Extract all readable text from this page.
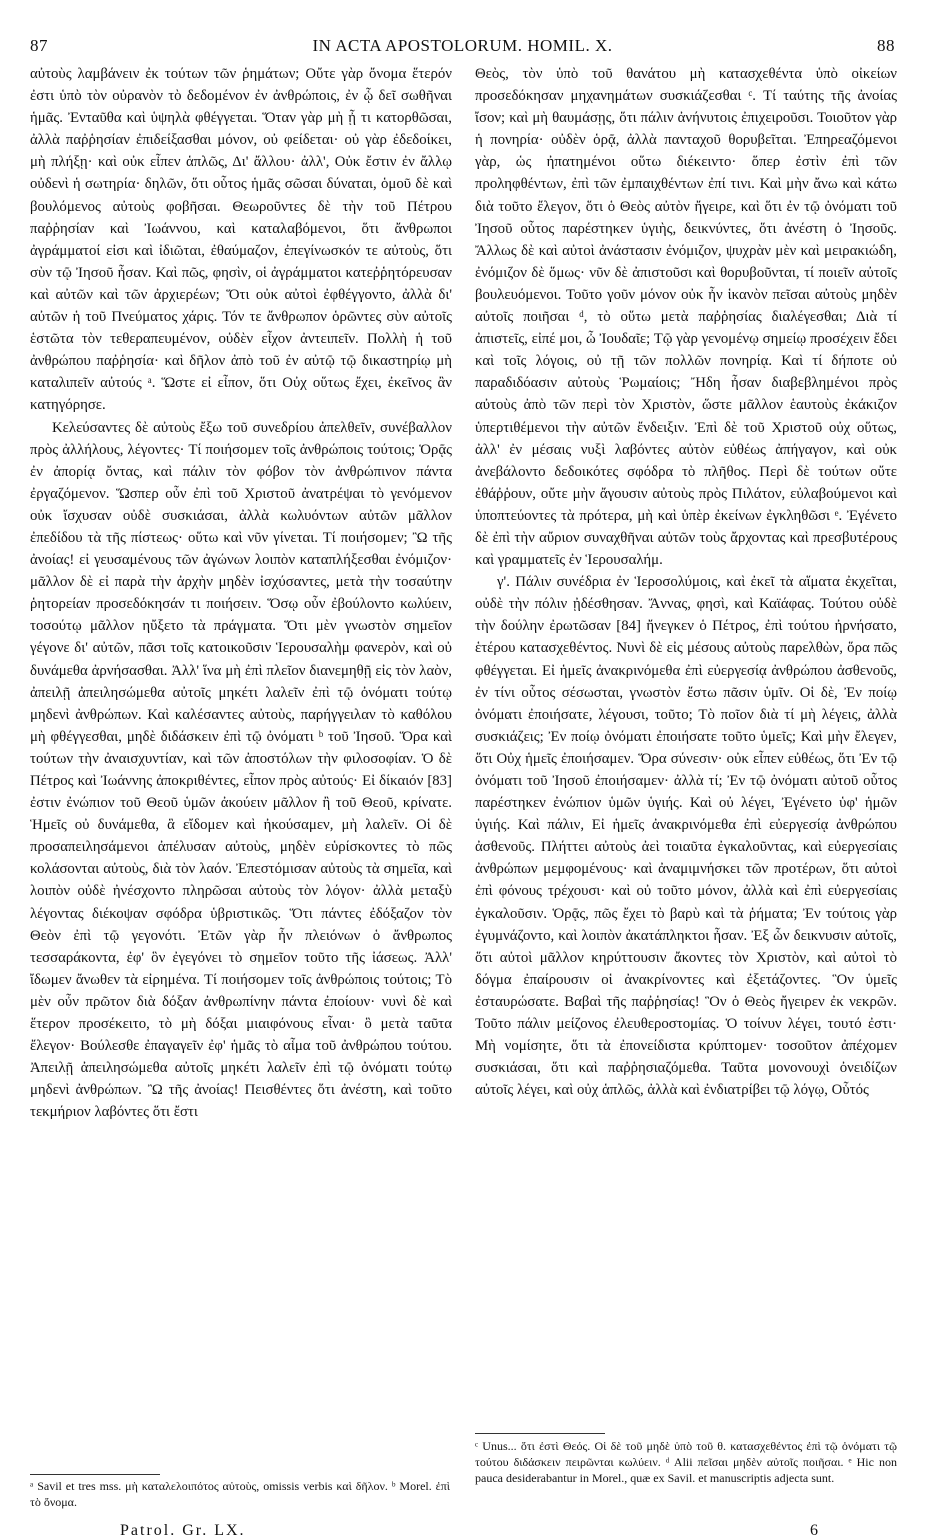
87	IN ACTA APOSTOLORUM. HOMIL. X.	88

αὐτοὺς λαμβάνειν ἐκ τούτων τῶν ῥημάτων; Οὔτε γὰρ ὄνομα ἕτερόν ἐστι ὑπὸ τὸν οὐρανὸν τὸ δεδομένον ἐν ἀνθρώποις, ἐν ᾧ δεῖ σωθῆναι ἡμᾶς. Ἐνταῦθα καὶ ὑψηλὰ φθέγγεται. Ὅταν γὰρ μὴ ᾖ τι κατορθῶσαι, ἀλλὰ παῤῥησίαν ἐπιδείξασθαι μόνον, οὐ φείδεται· οὐ γὰρ ἐδεδοίκει, μὴ πλήξῃ· καὶ οὐκ εἶπεν ἁπλῶς, Δι' ἄλλου· ἀλλ', Οὐκ ἔστιν ἐν ἄλλῳ οὐδενὶ ἡ σωτηρία· δηλῶν, ὅτι οὗτος ἡμᾶς σῶσαι δύναται, ὁμοῦ δὲ καὶ βουλόμενος αὐτοὺς φοβῆσαι. Θεωροῦντες δὲ τὴν τοῦ Πέτρου παῤῥησίαν καὶ Ἰωάννου, καὶ καταλαβόμενοι, ὅτι ἄνθρωποι ἀγράμματοί εἰσι καὶ ἰδιῶται, ἐθαύμαζον, ἐπεγίνωσκόν τε αὐτοὺς, ὅτι σὺν τῷ Ἰησοῦ ἦσαν. Καὶ πῶς, φησὶν, οἱ ἀγράμματοι κατεῤῥητόρευσαν καὶ αὐτῶν καὶ τῶν ἀρχιερέων; Ὅτι οὐκ αὐτοὶ ἐφθέγγοντο, ἀλλὰ δι' αὐτῶν ἡ τοῦ Πνεύματος χάρις. Τόν τε ἄνθρωπον ὁρῶντες σὺν αὐτοῖς ἑστῶτα τὸν τεθεραπευμένον, οὐδὲν εἶχον ἀντειπεῖν. Πολλὴ ἡ τοῦ ἀνθρώπου παῤῥησία· καὶ δῆλον ἀπὸ τοῦ ἐν αὐτῷ τῷ δικαστηρίῳ μὴ καταλιπεῖν αὐτούς ᵃ. Ὥστε εἰ εἶπον, ὅτι Οὐχ οὕτως ἔχει, ἐκεῖνος ἂν κατηγόρησε.

Κελεύσαντες δὲ αὐτοὺς ἔξω τοῦ συνεδρίου ἀπελθεῖν, συνέβαλλον πρὸς ἀλλήλους, λέγοντες· Τί ποιήσομεν τοῖς ἀνθρώποις τούτοις; Ὁρᾷς ἐν ἀπορίᾳ ὄντας, καὶ πάλιν τὸν φόβον τὸν ἀνθρώπινον πάντα ἐργαζόμενον. Ὥσπερ οὖν ἐπὶ τοῦ Χριστοῦ ἀνατρέψαι τὸ γενόμενον οὐκ ἴσχυσαν οὐδὲ συσκιάσαι, ἀλλὰ κωλυόντων αὐτῶν μᾶλλον ἐπεδίδου τὰ τῆς πίστεως· οὕτω καὶ νῦν γίνεται. Τί ποιήσομεν; Ὢ τῆς ἀνοίας! εἰ γευσαμένους τῶν ἀγώνων λοιπὸν καταπλήξεσθαι ἐνόμιζον· μᾶλλον δὲ εἰ παρὰ τὴν ἀρχὴν μηδὲν ἰσχύσαντες, μετὰ τὴν τοσαύτην ῥητορείαν προσεδόκησάν τι ποιήσειν. Ὅσῳ οὖν ἐβούλοντο κωλύειν, τοσούτῳ μᾶλλον ηὔξετο τὰ πράγματα. Ὅτι μὲν γνωστὸν σημεῖον γέγονε δι' αὐτῶν, πᾶσι τοῖς κατοικοῦσιν Ἱερουσαλὴμ φανερὸν, καὶ οὐ δυνάμεθα ἀρνήσασθαι. Ἀλλ' ἵνα μὴ ἐπὶ πλεῖον διανεμηθῇ εἰς τὸν λαὸν, ἀπειλῇ ἀπειλησώμεθα αὐτοῖς μηκέτι λαλεῖν ἐπὶ τῷ ὀνόματι τούτῳ μηδενὶ ἀνθρώπων. Καὶ καλέσαντες αὐτοὺς, παρήγγειλαν τὸ καθόλου μὴ φθέγγεσθαι, μηδὲ διδάσκειν ἐπὶ τῷ ὀνόματι ᵇ τοῦ Ἰησοῦ. Ὅρα καὶ τούτων τὴν ἀναισχυντίαν, καὶ τῶν ἀποστόλων τὴν φιλοσοφίαν. Ὁ δὲ Πέτρος καὶ Ἰωάννης ἀποκριθέντες, εἶπον πρὸς αὐτούς· Εἰ δίκαιόν [83] ἐστιν ἐνώπιον τοῦ Θεοῦ ὑμῶν ἀκούειν μᾶλλον ἢ τοῦ Θεοῦ, κρίνατε. Ἡμεῖς οὐ δυνάμεθα, ἃ εἴδομεν καὶ ἠκούσαμεν, μὴ λαλεῖν. Οἱ δὲ προσαπειλησάμενοι ἀπέλυσαν αὐτοὺς, μηδὲν εὑρίσκοντες τὸ πῶς κολάσονται αὐτοὺς, διὰ τὸν λαόν. Ἐπεστόμισαν αὐτοὺς τὰ σημεῖα, καὶ λοιπὸν οὐδὲ ἠνέσχοντο πληρῶσαι αὐτοὺς τὸν λόγον· ἀλλὰ μεταξὺ λέγοντας διέκοψαν σφόδρα ὑβριστικῶς. Ὅτι πάντες ἐδόξαζον τὸν Θεὸν ἐπὶ τῷ γεγονότι. Ἐτῶν γὰρ ἦν πλειόνων ὁ ἄνθρωπος τεσσαράκοντα, ἐφ' ὃν ἐγεγόνει τὸ σημεῖον τοῦτο τῆς ἰάσεως. Ἀλλ' ἴδωμεν ἄνωθεν τὰ εἰρημένα. Τί ποιήσομεν τοῖς ἀνθρώποις τούτοις; Τὸ μὲν οὖν πρῶτον διὰ δόξαν ἀνθρωπίνην πάντα ἐποίουν· νυνὶ δὲ καὶ ἕτερον προσέκειτο, τὸ μὴ δόξαι μιαιφόνους εἶναι· ὃ μετὰ ταῦτα ἔλεγον· Βούλεσθε ἐπαγαγεῖν ἐφ' ἡμᾶς τὸ αἷμα τοῦ ἀνθρώπου τούτου. Ἀπειλῇ ἀπειλησώμεθα αὐτοῖς μηκέτι λαλεῖν ἐπὶ τῷ ὀνόματι τούτῳ μηδενὶ ἀνθρώπων. Ὢ τῆς ἀνοίας! Πεισθέντες ὅτι ἀνέστη, καὶ τοῦτο τεκμήριον λαβόντες ὅτι ἔστι

Θεὸς, τὸν ὑπὸ τοῦ θανάτου μὴ κατασχεθέντα ὑπὸ οἰκείων προσεδόκησαν μηχανημάτων συσκιάζεσθαι ᶜ. Τί ταύτης τῆς ἀνοίας ἴσον; καὶ μὴ θαυμάσῃς, ὅτι πάλιν ἀνήνυτοις ἐπιχειροῦσι. Τοιοῦτον γὰρ ἡ πονηρία· οὐδὲν ὁρᾷ, ἀλλὰ πανταχοῦ θορυβεῖται. Ἐπηρεαζόμενοι γὰρ, ὡς ἠπατημένοι οὕτω διέκειντο· ὅπερ ἐστὶν ἐπὶ τῶν προληφθέντων, ἐπὶ τῶν ἐμπαιχθέντων ἐπί τινι. Καὶ μὴν ἄνω καὶ κάτω διὰ τοῦτο ἔλεγον, ὅτι ὁ Θεὸς αὐτὸν ἤγειρε, καὶ ὅτι ἐν τῷ ὀνόματι τοῦ Ἰησοῦ οὗτος παρέστηκεν ὑγιὴς, δεικνύντες, ὅτι ἀνέστη ὁ Ἰησοῦς. Ἄλλως δὲ καὶ αὐτοὶ ἀνάστασιν ἐνόμιζον, ψυχρὰν μὲν καὶ μειρακιώδη, ἐνόμιζον δὲ ὅμως· νῦν δὲ ἀπιστοῦσι καὶ θορυβοῦνται, τί ποιεῖν αὐτοῖς βουλευόμενοι. Τοῦτο γοῦν μόνον οὐκ ἦν ἱκανὸν πεῖσαι αὐτοὺς μηδὲν αὐτοῖς ποιῆσαι ᵈ, τὸ οὕτω μετὰ παῤῥησίας διαλέγεσθαι; Διὰ τί ἀπιστεῖς, εἰπέ μοι, ὦ Ἰουδαῖε; Τῷ γὰρ γενομένῳ σημείῳ προσέχειν ἔδει καὶ τοῖς λόγοις, οὐ τῇ τῶν πολλῶν πονηρίᾳ. Καὶ τί δήποτε οὐ παραδιδόασιν αὐτοὺς Ῥωμαίοις; Ἤδη ἦσαν διαβεβλημένοι πρὸς αὐτοὺς ἀπὸ τῶν περὶ τὸν Χριστὸν, ὥστε μᾶλλον ἑαυτοὺς ἐκάκιζον ὑπερτιθέμενοι τὴν αὐτῶν ἔνδειξιν. Ἐπὶ δὲ τοῦ Χριστοῦ οὐχ οὕτως, ἀλλ' ἐν μέσαις νυξὶ λαβόντες αὐτὸν εὐθέως ἀπήγαγον, καὶ οὐκ ἀνεβάλοντο δεδοικότες σφόδρα τὸ πλῆθος. Περὶ δὲ τούτων οὔτε ἐθάῤῥουν, οὔτε μὴν ἄγουσιν αὐτοὺς πρὸς Πιλάτον, εὐλαβούμενοι καὶ ὑποπτεύοντες τὰ πρότερα, μὴ καὶ ὑπὲρ ἐκείνων ἐγκληθῶσι ᵉ. Ἐγένετο δὲ ἐπὶ τὴν αὔριον συναχθῆναι αὐτῶν τοὺς ἄρχοντας καὶ πρεσβυτέρους καὶ γραμματεῖς ἐν Ἱερουσαλήμ.

γ'. Πάλιν συνέδρια ἐν Ἱεροσολύμοις, καὶ ἐκεῖ τὰ αἵματα ἐκχεῖται, οὐδὲ τὴν πόλιν ᾐδέσθησαν. Ἄννας, φησὶ, καὶ Καϊάφας. Τούτου οὐδὲ τὴν δούλην ἐρωτῶσαν [84] ἤνεγκεν ὁ Πέτρος, ἐπὶ τούτου ἠρνήσατο, ἑτέρου κατασχεθέντος. Νυνὶ δὲ εἰς μέσους αὐτοὺς παρελθὼν, ὅρα πῶς φθέγγεται. Εἰ ἡμεῖς ἀνακρινόμεθα ἐπὶ εὐεργεσίᾳ ἀνθρώπου ἀσθενοῦς, ἐν τίνι οὗτος σέσωσται, γνωστὸν ἔστω πᾶσιν ὑμῖν. Οἱ δὲ, Ἐν ποίῳ ὀνόματι ἐποιήσατε, λέγουσι, τοῦτο; Τὸ ποῖον διὰ τί μὴ λέγεις, ἀλλὰ συσκιάζεις; Ἐν ποίῳ ὀνόματι ἐποιήσατε τοῦτο ὑμεῖς; Καὶ μὴν ἔλεγεν, ὅτι Οὐχ ἡμεῖς ἐποιήσαμεν. Ὅρα σύνεσιν· οὐκ εἶπεν εὐθέως, ὅτι Ἐν τῷ ὀνόματι τοῦ Ἰησοῦ ἐποιήσαμεν· ἀλλὰ τί; Ἐν τῷ ὀνόματι αὐτοῦ οὗτος παρέστηκεν ἐνώπιον ὑμῶν ὑγιής. Καὶ οὐ λέγει, Ἐγένετο ὑφ' ἡμῶν ὑγιής. Καὶ πάλιν, Εἰ ἡμεῖς ἀνακρινόμεθα ἐπὶ εὐεργεσίᾳ ἀνθρώπου ἀσθενοῦς. Πλήττει αὐτοὺς ἀεὶ τοιαῦτα ἐγκαλοῦντας, καὶ εὐεργεσίαις ἀνθρώπων μεμφομένους· καὶ ἀναμιμνήσκει τῶν προτέρων, ὅτι αὐτοὶ ἐπὶ φόνους τρέχουσι· καὶ οὐ τοῦτο μόνον, ἀλλὰ καὶ ἐπὶ εὐεργεσίαις ἐγκαλοῦσιν. Ὁρᾷς, πῶς ἔχει τὸ βαρὺ καὶ τὰ ῥήματα; Ἐν τούτοις γὰρ ἐγυμνάζοντο, καὶ λοιπὸν ἀκατάπληκτοι ἦσαν. Ἐξ ὧν δεικνυσιν αὐτοῖς, ὅτι αὐτοὶ μᾶλλον κηρύττουσιν ἄκοντες τὸν Χριστὸν, καὶ αὐτοὶ τὸ δόγμα ἐπαίρουσιν οἱ ἀνακρίνοντες καὶ ἐξετάζοντες. Ὃν ὑμεῖς ἐσταυρώσατε. Βαβαὶ τῆς παῤῥησίας! Ὃν ὁ Θεὸς ἤγειρεν ἐκ νεκρῶν. Τοῦτο πάλιν μείζονος ἐλευθεροστομίας. Ὁ τοίνυν λέγει, τουτό ἐστι· Μὴ νομίσητε, ὅτι τὰ ἐπονείδιστα κρύπτομεν· τοσοῦτον ἀπέχομεν συσκιάσαι, ὅτι καὶ παῤῥησιαζόμεθα. Ταῦτα μονονουχὶ ὀνειδίζων αὐτοῖς λέγει, καὶ οὐχ ἁπλῶς, ἀλλὰ καὶ ἐνδιατρίβει τῷ λόγῳ, Οὗτός

ᵃ Savil et tres mss. μὴ καταλελοιπότος αὐτοὺς, omissis verbis καὶ δῆλον. ᵇ Morel. ἐπὶ τὸ ὄνομα.
ᶜ Unus... ὅτι ἐστὶ Θεός. Οἱ δὲ τοῦ μηδὲ ὑπὸ τοῦ θ. κατασχεθέντος ἐπὶ τῷ ὀνόματι τῷ τούτου διδάσκειν πειρῶνται κωλύειν. ᵈ Alii πεῖσαι μηδὲν αὐτοῖς ποιῆσαι. ᵉ Hic non pauca desiderabantur in Morel., quæ ex Savil. et manuscriptis adjecta sunt.
Patrol. Gr. LX.	6
